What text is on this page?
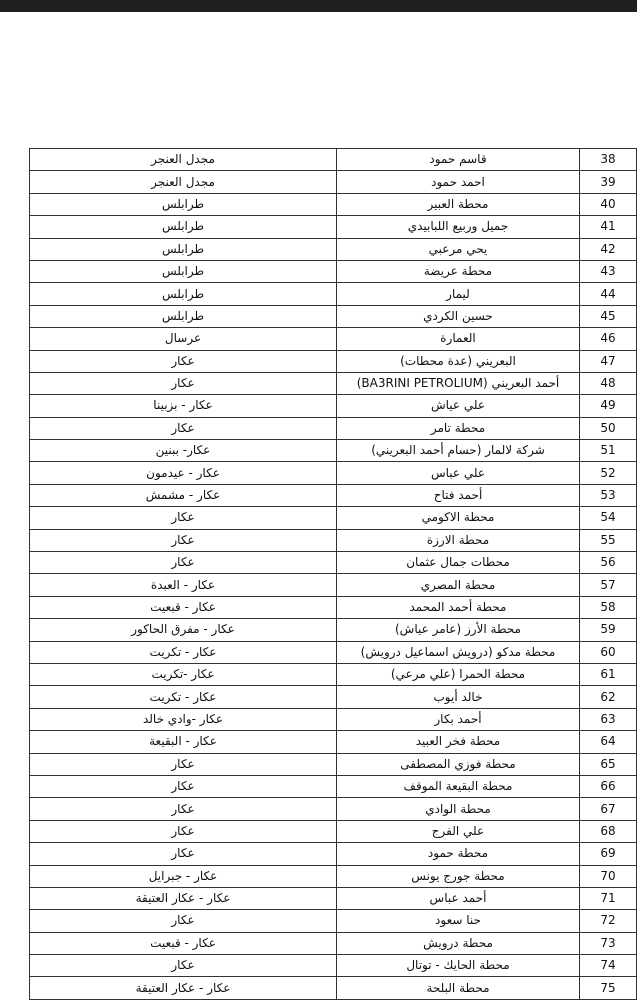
38	قاسم حمود	مجدل العنجر
39	احمد حمود	مجدل العنجر
40	محطة العبير	طرابلس
41	جميل وربيع اللبابيدي	طرابلس
42	يحي مرعبي	طرابلس
43	محطة عريضة	طرابلس
44	ليمار	طرابلس
45	حسين الكردي	طرابلس
46	العمارة	عرسال
47	البعريني (عدة محطات)	عكار
48	أحمد البعريني (BA3RINI PETROLIUM)	عكار
49	علي عياش	عكار - بزبينا
50	محطة تامر	عكار
51	شركة لالمار (حسام أحمد البعريني)	عكار- ببنين
52	علي عباس	عكار - عيدمون
53	أحمد فتاح	عكار - مشمش
54	محطة الاكومي	عكار
55	محطة الارزة	عكار
56	محطات جمال عثمان	عكار
57	محطة المصري	عكار - العبدة
58	محطة أحمد المحمد	عكار - قبعيت
59	محطة الأرز (عامر عياش)	عكار - مفرق الحاكور
60	محطة مدكو (درويش اسماعيل درويش)	عكار - تكريت
61	محطة الحمرا (علي مرعي)	عكار -تكريت
62	خالد أيوب	عكار - تكريت
63	أحمد بكار	عكار -وادي خالد
64	محطة فخر العبيد	عكار - البقيعة
65	محطة فوزي المصطفى	عكار
66	محطة البقيعة الموقف	عكار
67	محطة الوادي	عكار
68	علي الفرج	عكار
69	محطة حمود	عكار
70	محطة جورج يونس	عكار - جبرايل
71	أحمد عباس	عكار - عكار العتيقة
72	حنا سعود	عكار
73	محطة درويش	عكار - قبعيت
74	محطة الحايك - توتال	عكار
75	محطة البلحة	عكار - عكار العتيقة
